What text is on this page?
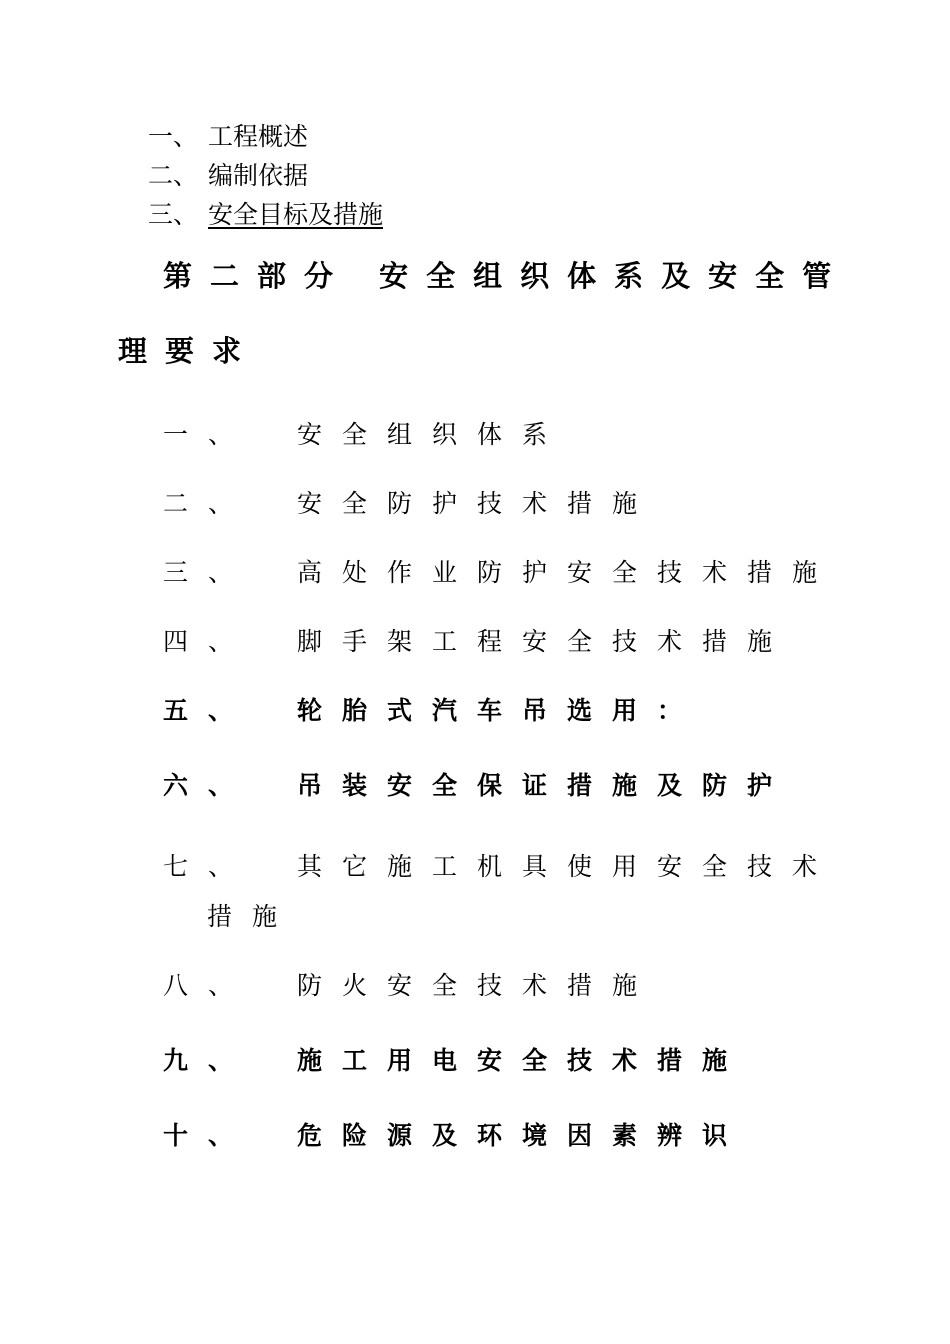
一、 工程概述
二、 编制依据
三、 安全目标及措施
第二部分 安全组织体系及安全管
理要求
一、 安全组织体系
二、 安全防护技术措施
三、 高处作业防护安全技术措施
四、 脚手架工程安全技术措施
五、 轮胎式汽车吊选用：
六、 吊装安全保证措施及防护
七、 其它施工机具使用安全技术
措施
八、 防火安全技术措施
九、 施工用电安全技术措施
十、 危险源及环境因素辨识
